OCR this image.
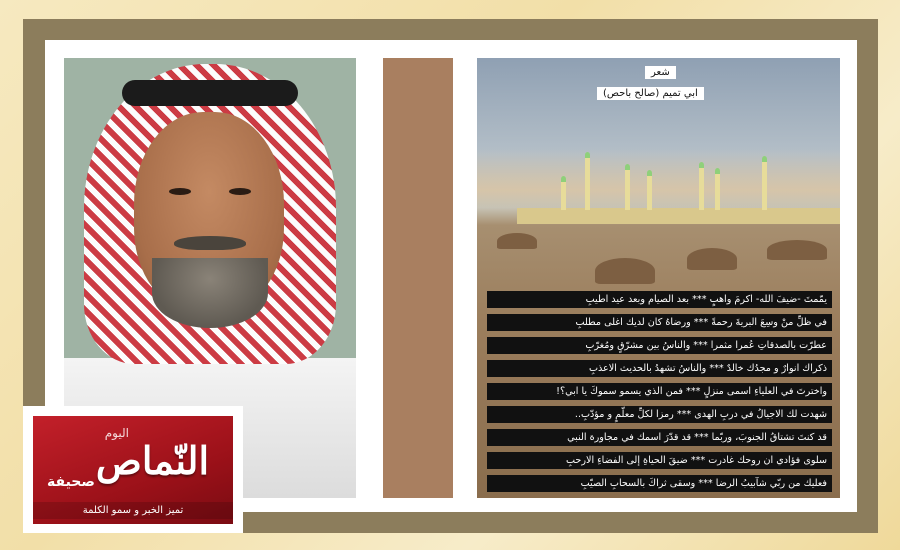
شعر
ابي تميم (صالح باحص)
يمّمتَ -ضيفَ الله- اكرمَ واهبٍ *** بعد الصيام وبعد عيد اطيبِ
في ظلِّ منْ وسِعَ البريةَ رحمةً *** ورضاهُ كان لديك اغلى مطلبِ
عطرّت بالصدقاتِ عُمرا مثمرا *** والناسُ بين مشرّقٍ ومُغرّبِ
ذكراك انوارٌ و مجدُك خالدٌ *** والناسُ تشهدُ بالحديث الاعذبِ
واخترتَ في العلياءِ اسمى منزلٍ *** فمن الذي يسمو سموكَ يا ابي؟!
شهدت لك الاجيالُ في دربِ الهدى *** رمزا لكلِّ معلّمٍ و مؤدّبِ..
قد كنتَ تشتاقُ الجنوبَ، وربّما *** قد قدّرَ اسمك في مجاورة النبي
سلوى فؤادي ان روحك غادرت *** ضيقَ الحياةِ إلى الفضاءِ الارحبِ
فعليك من ربّي شآبيبُ الرضا *** وسقى ثراكَ بالسحابِ الصيّبِ
اليوم
النّماص
صحيفة
تميز الخبر و سمو الكلمة
